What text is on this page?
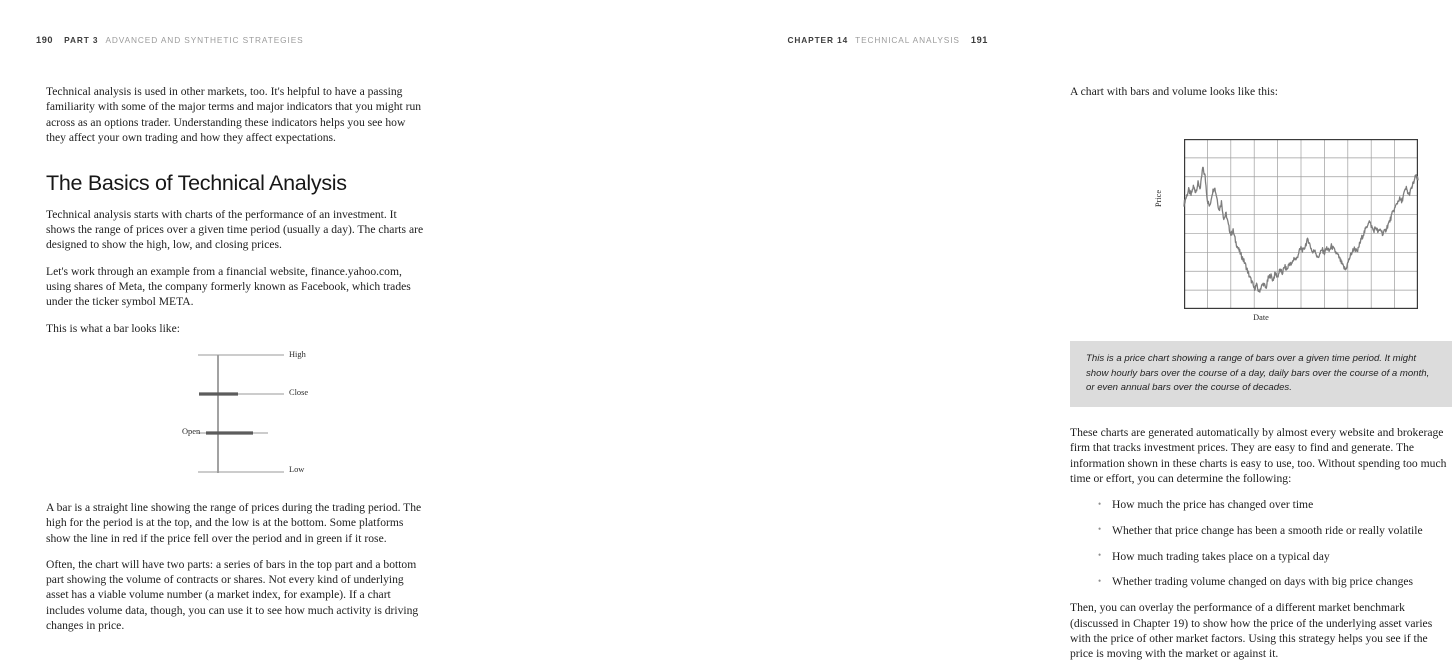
190 PART 3 ADVANCED AND SYNTHETIC STRATEGIES

Technical analysis is used in other markets, too. It's helpful to have a passing familiarity with some of the major terms and major indicators that you might run across as an options trader. Understanding these indicators helps you see how they affect your own trading and how they affect expectations.

The Basics of Technical Analysis

Technical analysis starts with charts of the performance of an investment. It shows the range of prices over a given time period (usually a day). The charts are designed to show the high, low, and closing prices.

Let's work through an example from a financial website, finance.yahoo.com, using shares of Meta, the company formerly known as Facebook, which trades under the ticker symbol META.

This is what a bar looks like:

High
Close
Open
Low

A bar is a straight line showing the range of prices during the trading period. The high for the period is at the top, and the low is at the bottom. Some platforms show the line in red if the price fell over the period and in green if it rose.

Often, the chart will have two parts: a series of bars in the top part and a bottom part showing the volume of contracts or shares. Not every kind of underlying asset has a viable volume number (a market index, for example). If a chart includes volume data, though, you can use it to see how much activity is driving changes in price.

CHAPTER 14 TECHNICAL ANALYSIS 191

A chart with bars and volume looks like this:

Price
Date

This is a price chart showing a range of bars over a given time period. It might show hourly bars over the course of a day, daily bars over the course of a month, or even annual bars over the course of decades.

These charts are generated automatically by almost every website and brokerage firm that tracks investment prices. They are easy to find and generate. The information shown in these charts is easy to use, too. Without spending too much time or effort, you can determine the following:

• How much the price has changed over time
• Whether that price change has been a smooth ride or really volatile
• How much trading takes place on a typical day
• Whether trading volume changed on days with big price changes

Then, you can overlay the performance of a different market benchmark (discussed in Chapter 19) to show how the price of the underlying asset varies with the price of other market factors. Using this strategy helps you see if the price is moving with the market or against it.
